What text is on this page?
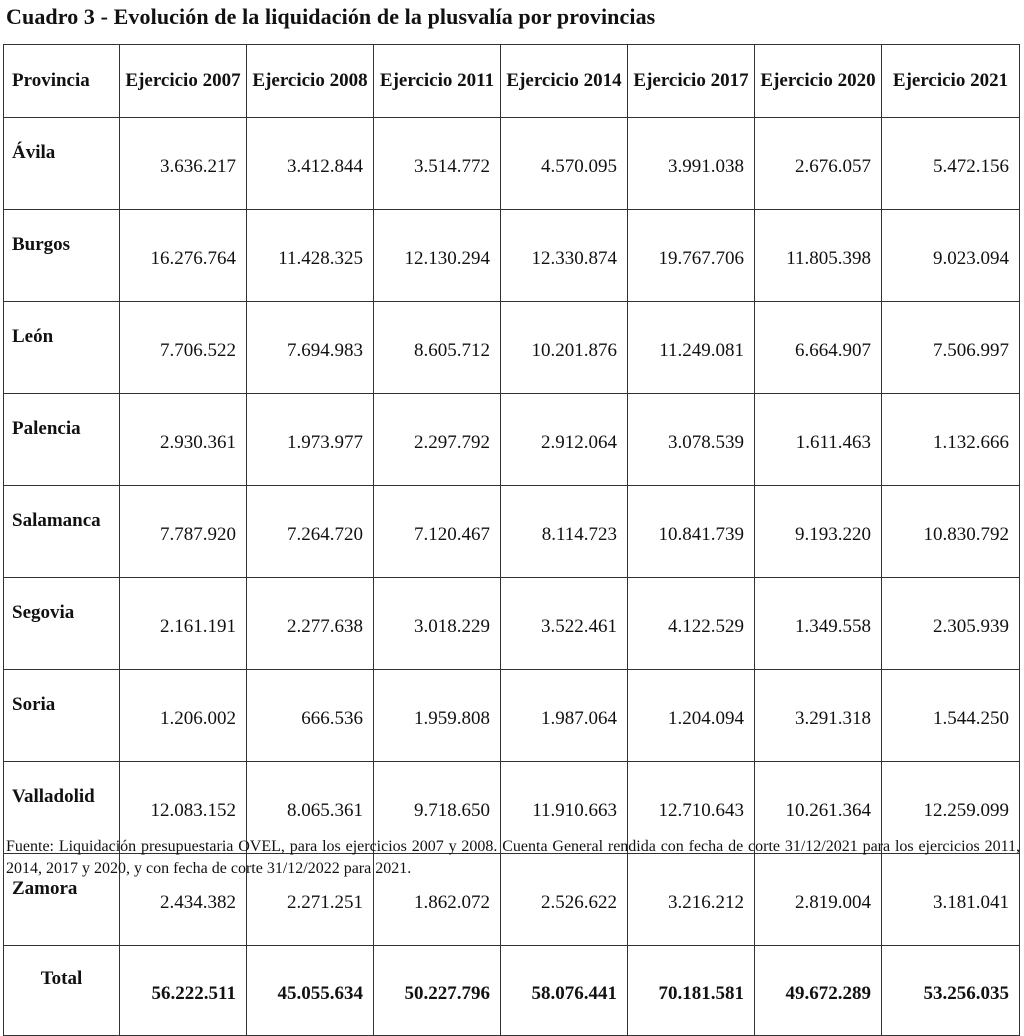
Cuadro 3 - Evolución de la liquidación de la plusvalía por provincias
Provincia	Ejercicio 2007	Ejercicio 2008	Ejercicio 2011	Ejercicio 2014	Ejercicio 2017	Ejercicio 2020	Ejercicio 2021
Ávila	3.636.217	3.412.844	3.514.772	4.570.095	3.991.038	2.676.057	5.472.156
Burgos	16.276.764	11.428.325	12.130.294	12.330.874	19.767.706	11.805.398	9.023.094
León	7.706.522	7.694.983	8.605.712	10.201.876	11.249.081	6.664.907	7.506.997
Palencia	2.930.361	1.973.977	2.297.792	2.912.064	3.078.539	1.611.463	1.132.666
Salamanca	7.787.920	7.264.720	7.120.467	8.114.723	10.841.739	9.193.220	10.830.792
Segovia	2.161.191	2.277.638	3.018.229	3.522.461	4.122.529	1.349.558	2.305.939
Soria	1.206.002	666.536	1.959.808	1.987.064	1.204.094	3.291.318	1.544.250
Valladolid	12.083.152	8.065.361	9.718.650	11.910.663	12.710.643	10.261.364	12.259.099
Zamora	2.434.382	2.271.251	1.862.072	2.526.622	3.216.212	2.819.004	3.181.041
Total	56.222.511	45.055.634	50.227.796	58.076.441	70.181.581	49.672.289	53.256.035
Fuente: Liquidación presupuestaria OVEL, para los ejercicios 2007 y 2008. Cuenta General rendida con fecha de corte 31/12/2021 para los ejercicios 2011, 2014, 2017 y 2020, y con fecha de corte 31/12/2022 para 2021.
